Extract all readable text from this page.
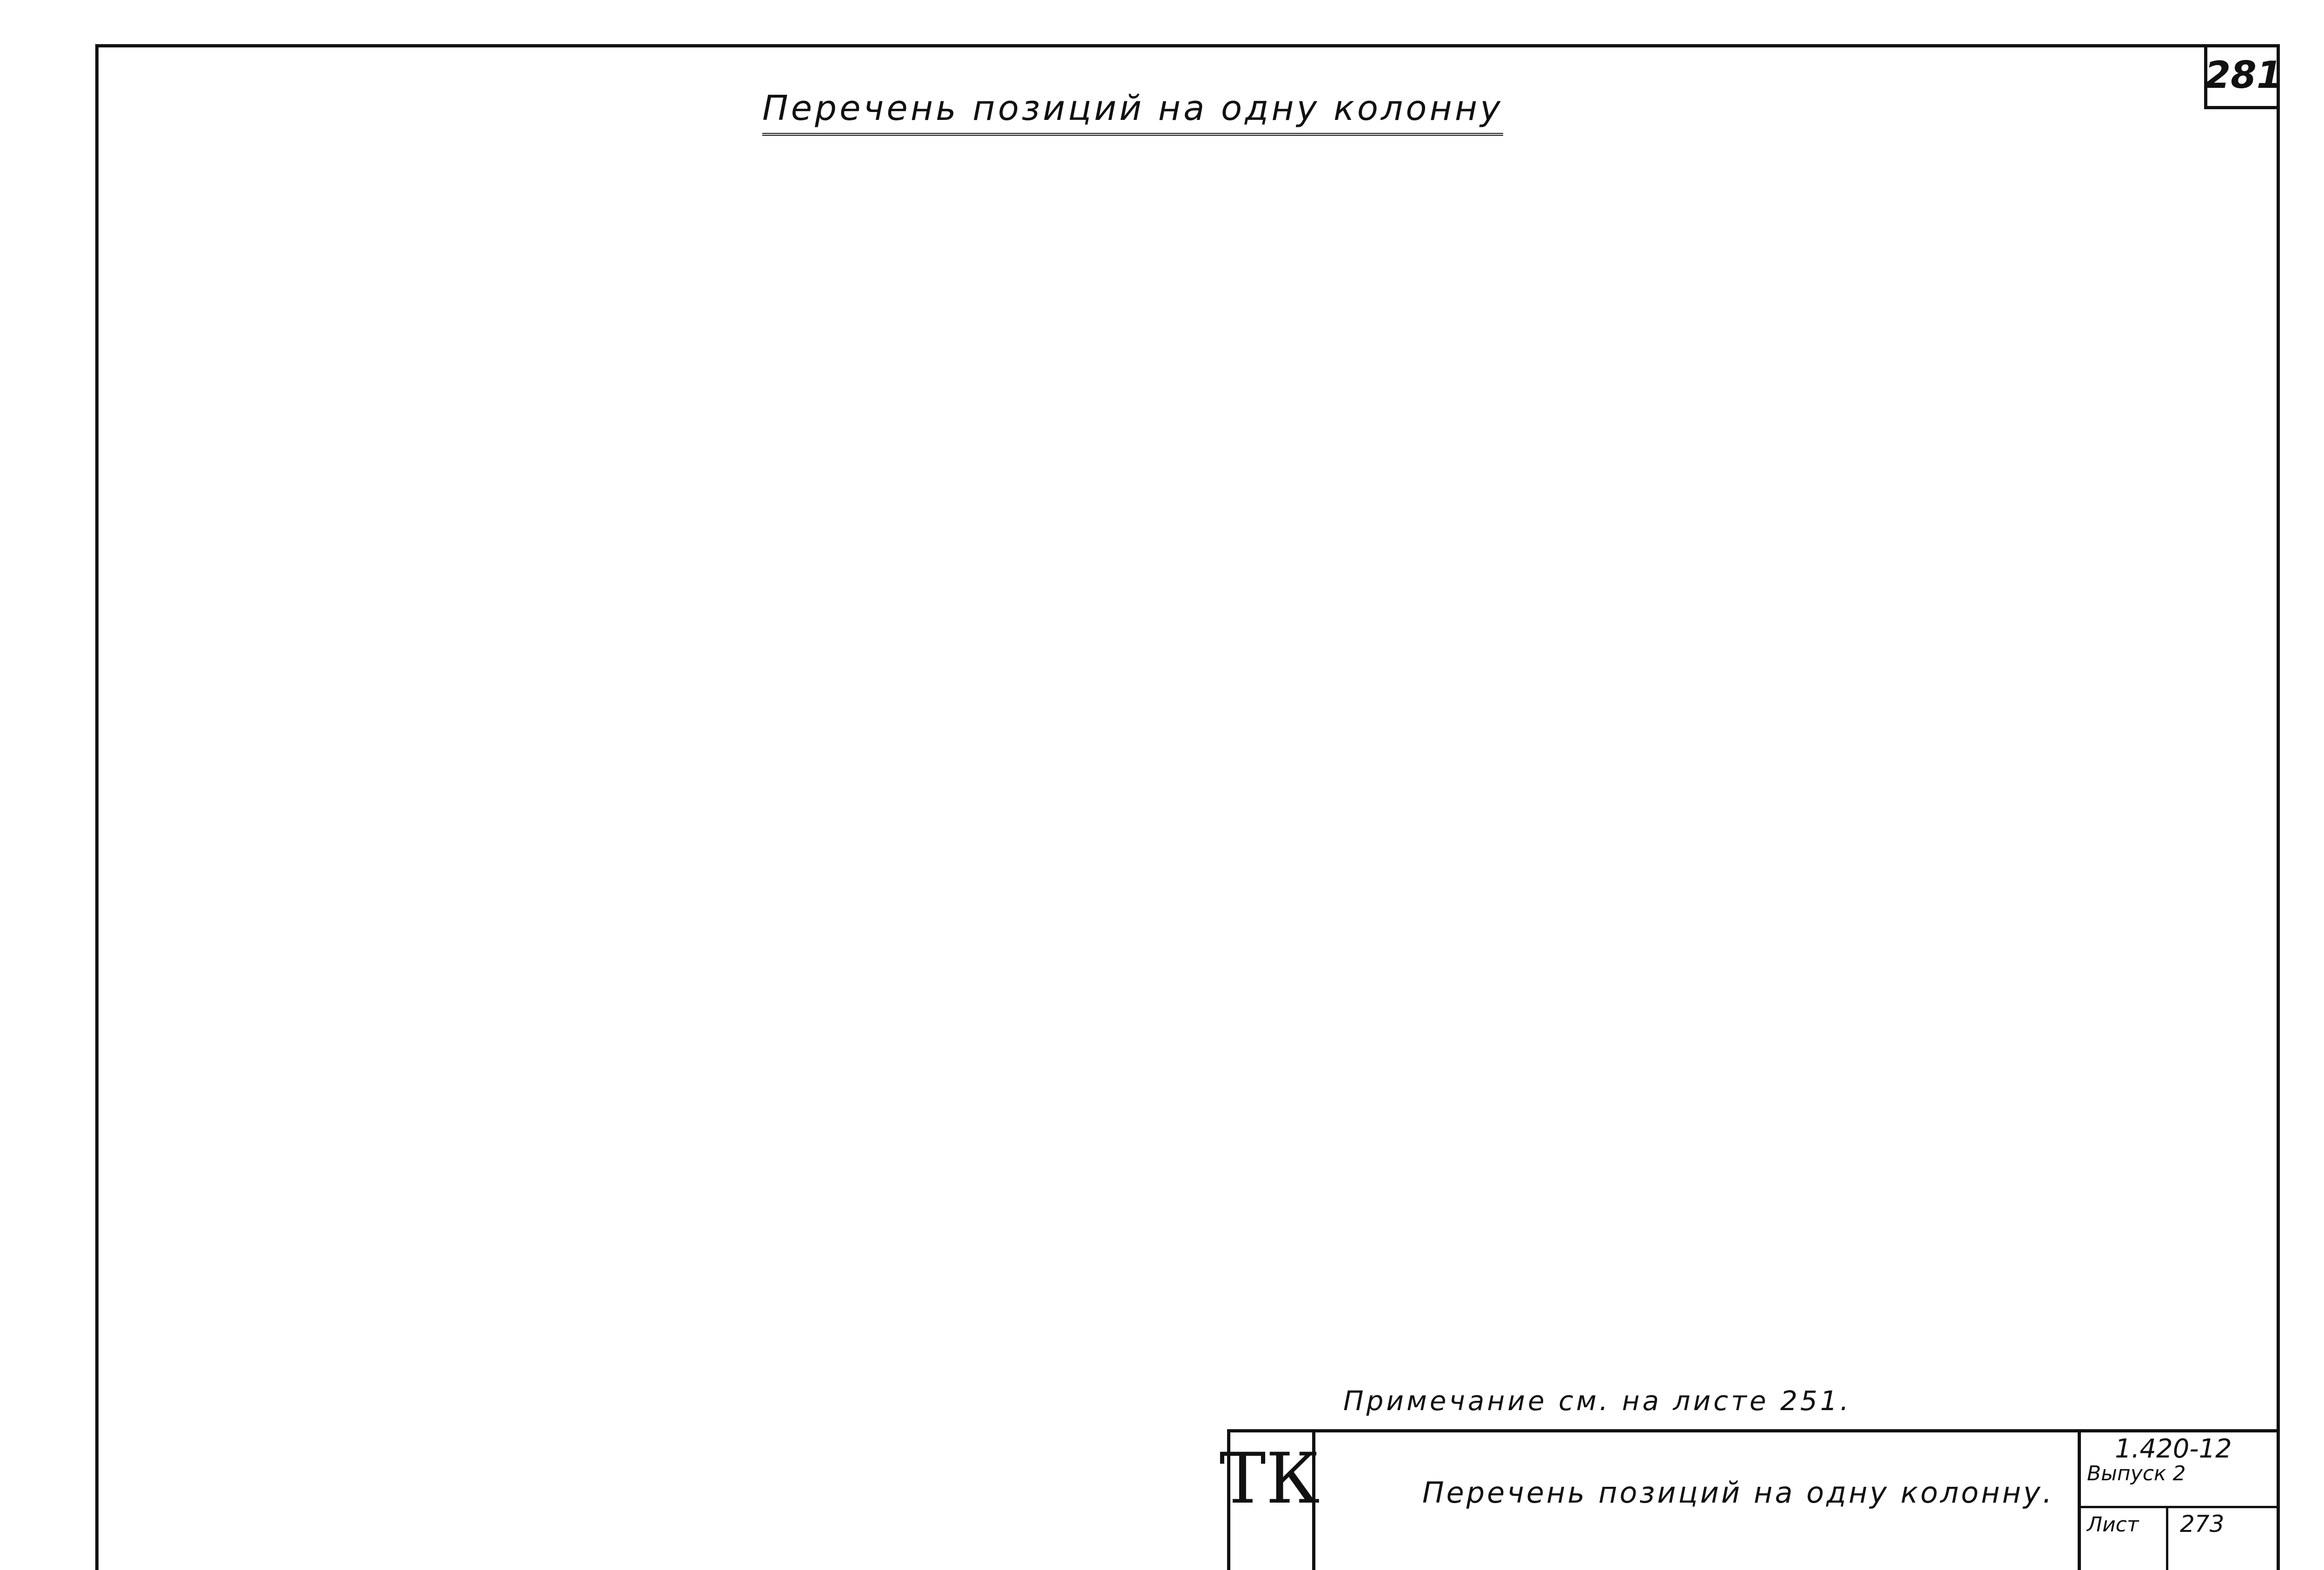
281
Перечень позиций на одну колонну
Примечание см. на листе 251.
ТК	Перечень позиций на одну колонну.
1.420-12
Выпуск 2
Лист 273
